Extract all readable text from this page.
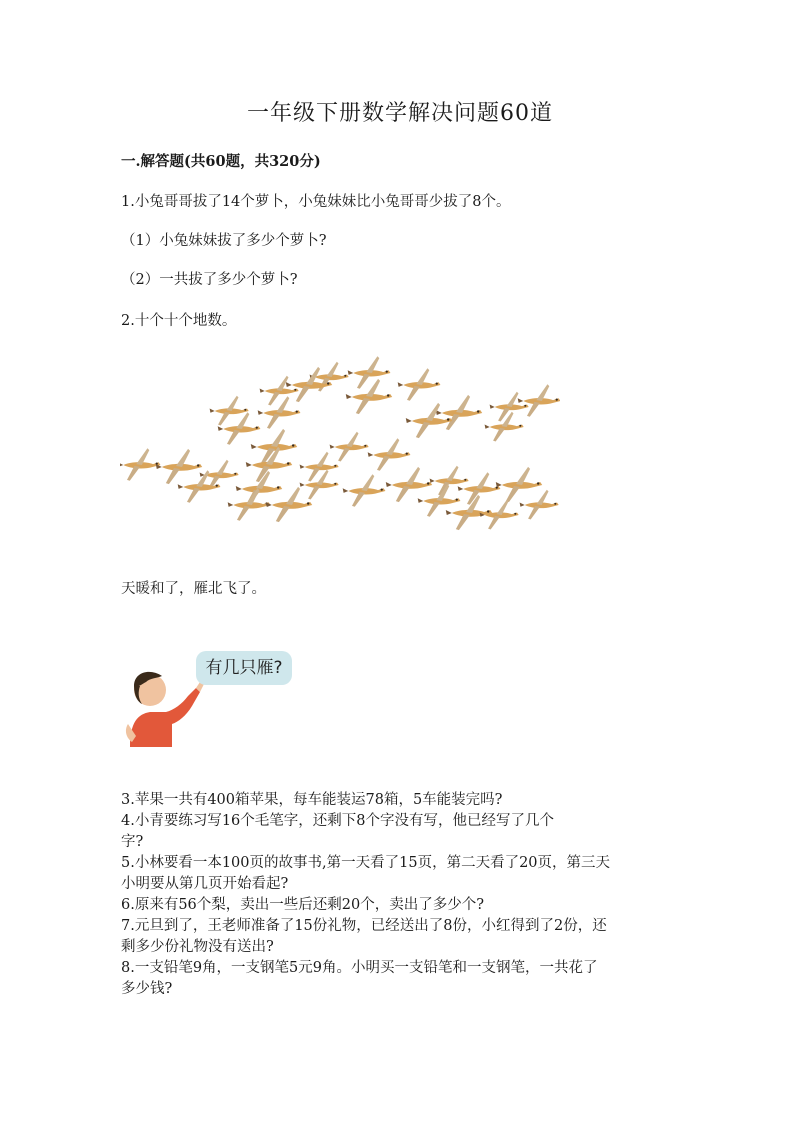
一年级下册数学解决问题60道
一.解答题(共60题，共320分)
1.小兔哥哥拔了14个萝卜，小兔妹妹比小兔哥哥少拔了8个。
（1）小兔妹妹拔了多少个萝卜?
（2）一共拔了多少个萝卜?
2.十个十个地数。
天暖和了，雁北飞了。
有几只雁?
3.苹果一共有400箱苹果，每车能装运78箱，5车能装完吗?
4.小青要练习写16个毛笔字，还剩下8个字没有写，他已经写了几个
字?
5.小林要看一本100页的故事书,第一天看了15页，第二天看了20页，第三天
小明要从第几页开始看起?
6.原来有56个梨，卖出一些后还剩20个，卖出了多少个?
7.元旦到了，王老师准备了15份礼物，已经送出了8份，小红得到了2份，还
剩多少份礼物没有送出?
8.一支铅笔9角，一支钢笔5元9角。小明买一支铅笔和一支钢笔，一共花了
多少钱?
